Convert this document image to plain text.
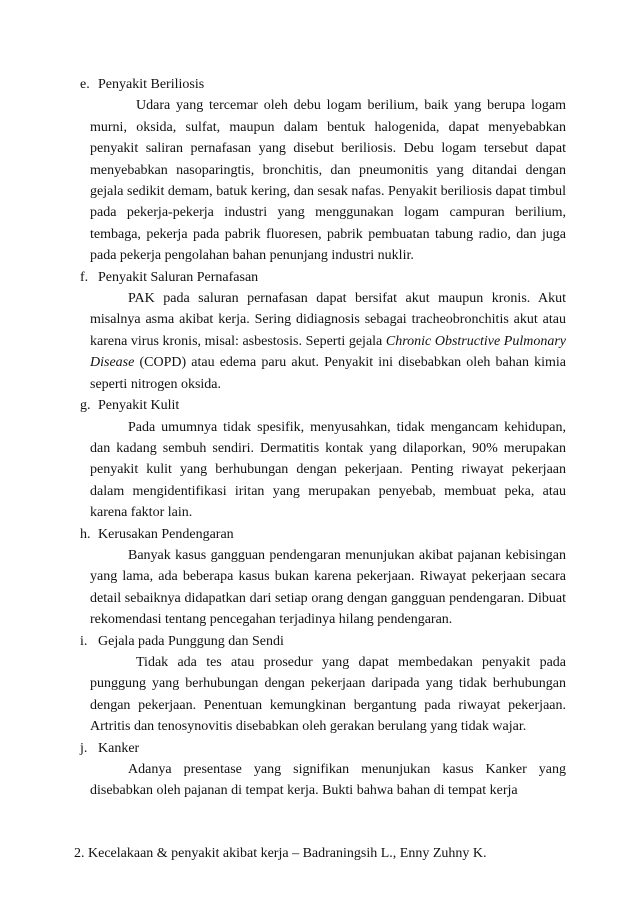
e. Penyakit Beriliosis

Udara yang tercemar oleh debu logam berilium, baik yang berupa logam murni, oksida, sulfat, maupun dalam bentuk halogenida, dapat menyebabkan penyakit saliran pernafasan yang disebut beriliosis. Debu logam tersebut dapat menyebabkan nasoparingtis, bronchitis, dan pneumonitis yang ditandai dengan gejala sedikit demam, batuk kering, dan sesak nafas. Penyakit beriliosis dapat timbul pada pekerja-pekerja industri yang menggunakan logam campuran berilium, tembaga, pekerja pada pabrik fluoresen, pabrik pembuatan tabung radio, dan juga pada pekerja pengolahan bahan penunjang industri nuklir.

f. Penyakit Saluran Pernafasan

PAK pada saluran pernafasan dapat bersifat akut maupun kronis. Akut misalnya asma akibat kerja. Sering didiagnosis sebagai tracheobronchitis akut atau karena virus kronis, misal: asbestosis. Seperti gejala Chronic Obstructive Pulmonary Disease (COPD) atau edema paru akut. Penyakit ini disebabkan oleh bahan kimia seperti nitrogen oksida.

g. Penyakit Kulit

Pada umumnya tidak spesifik, menyusahkan, tidak mengancam kehidupan, dan kadang sembuh sendiri. Dermatitis kontak yang dilaporkan, 90% merupakan penyakit kulit yang berhubungan dengan pekerjaan. Penting riwayat pekerjaan dalam mengidentifikasi iritan yang merupakan penyebab, membuat peka, atau karena faktor lain.

h. Kerusakan Pendengaran

Banyak kasus gangguan pendengaran menunjukan akibat pajanan kebisingan yang lama, ada beberapa kasus bukan karena pekerjaan. Riwayat pekerjaan secara detail sebaiknya didapatkan dari setiap orang dengan gangguan pendengaran. Dibuat rekomendasi tentang pencegahan terjadinya hilang pendengaran.

i. Gejala pada Punggung dan Sendi

Tidak ada tes atau prosedur yang dapat membedakan penyakit pada punggung yang berhubungan dengan pekerjaan daripada yang tidak berhubungan dengan pekerjaan. Penentuan kemungkinan bergantung pada riwayat pekerjaan. Artritis dan tenosynovitis disebabkan oleh gerakan berulang yang tidak wajar.

j. Kanker

Adanya presentase yang signifikan menunjukan kasus Kanker yang disebabkan oleh pajanan di tempat kerja. Bukti bahwa bahan di tempat kerja

2. Kecelakaan & penyakit akibat kerja – Badraningsih L., Enny Zuhny K.
